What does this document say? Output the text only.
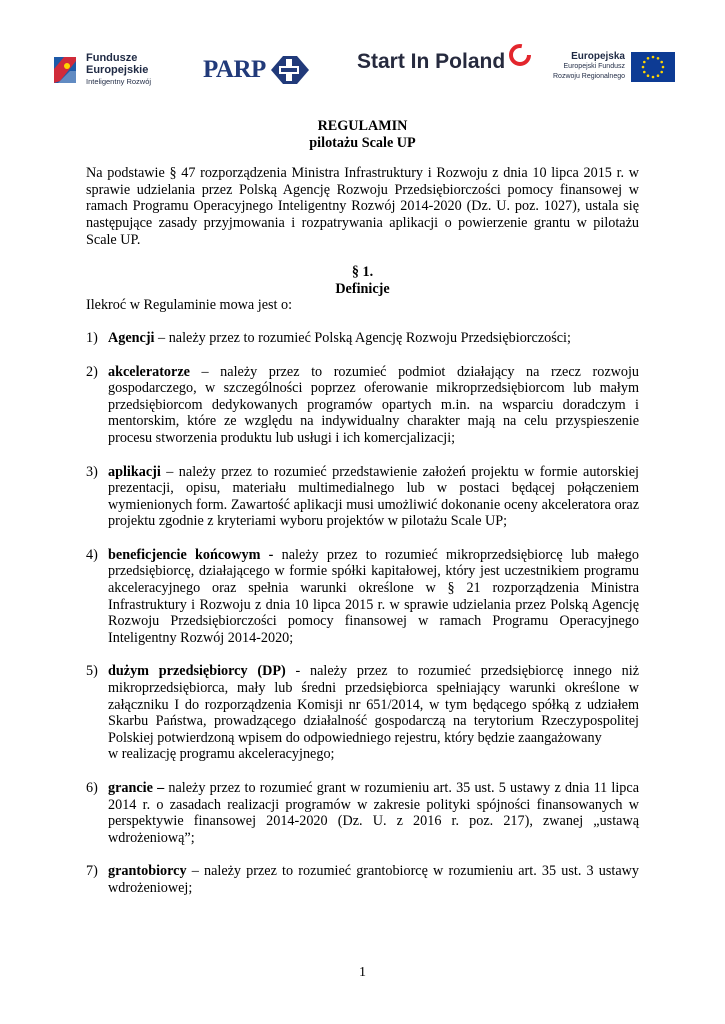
Fundusze
Europejskie
Inteligentny Rozwój PARP	Start In Poland	Europejska
Europejski Fundusz
Rozwoju Regionalnego

REGULAMIN

pilotażu Scale UP

Na podstawie § 47 rozporządzenia Ministra Infrastruktury i Rozwoju z dnia 10 lipca 2015 r. w sprawie udzielania przez Polską Agencję Rozwoju Przedsiębiorczości pomocy finansowej w ramach Programu Operacyjnego Inteligentny Rozwój 2014-2020 (Dz. U. poz. 1027), ustala się następujące zasady przyjmowania i rozpatrywania aplikacji o powierzenie grantu w pilotażu Scale UP.

§ 1.

Definicje

Ilekroć w Regulaminie mowa jest o:

1) Agencji – należy przez to rozumieć Polską Agencję Rozwoju Przedsiębiorczości;
2) akceleratorze – należy przez to rozumieć podmiot działający na rzecz rozwoju gospodarczego, w szczególności poprzez oferowanie mikroprzedsiębiorcom lub małym przedsiębiorcom dedykowanych programów opartych m.in. na wsparciu doradczym i mentorskim, które ze względu na indywidualny charakter mają na celu przyspieszenie procesu stworzenia produktu lub usługi i ich komercjalizacji;
3) aplikacji – należy przez to rozumieć przedstawienie założeń projektu w formie autorskiej prezentacji, opisu, materiału multimedialnego lub w postaci będącej połączeniem wymienionych form. Zawartość aplikacji musi umożliwić dokonanie oceny akceleratora oraz projektu zgodnie z kryteriami wyboru projektów w pilotażu Scale UP;
4) beneficjencie końcowym - należy przez to rozumieć mikroprzedsiębiorcę lub małego przedsiębiorcę, działającego w formie spółki kapitałowej, który jest uczestnikiem programu akceleracyjnego oraz spełnia warunki określone w § 21 rozporządzenia Ministra Infrastruktury i Rozwoju z dnia 10 lipca 2015 r. w sprawie udzielania przez Polską Agencję Rozwoju Przedsiębiorczości pomocy finansowej w ramach Programu Operacyjnego Inteligentny Rozwój 2014-2020;
5) dużym przedsiębiorcy (DP) - należy przez to rozumieć przedsiębiorcę innego niż mikroprzedsiębiorca, mały lub średni przedsiębiorca spełniający warunki określone w załączniku I do rozporządzenia Komisji nr 651/2014, w tym będącego spółką z udziałem Skarbu Państwa, prowadzącego działalność gospodarczą na terytorium Rzeczypospolitej Polskiej potwierdzoną wpisem do odpowiedniego rejestru, który będzie zaangażowany
w realizację programu akceleracyjnego;
6) grancie – należy przez to rozumieć grant w rozumieniu art. 35 ust. 5 ustawy z dnia 11 lipca 2014 r. o zasadach realizacji programów w zakresie polityki spójności finansowanych w perspektywie finansowej 2014-2020 (Dz. U. z 2016 r. poz. 217), zwanej „ustawą wdrożeniową”;
7) grantobiorcy – należy przez to rozumieć grantobiorcę w rozumieniu art. 35 ust. 3 ustawy wdrożeniowej;
1
